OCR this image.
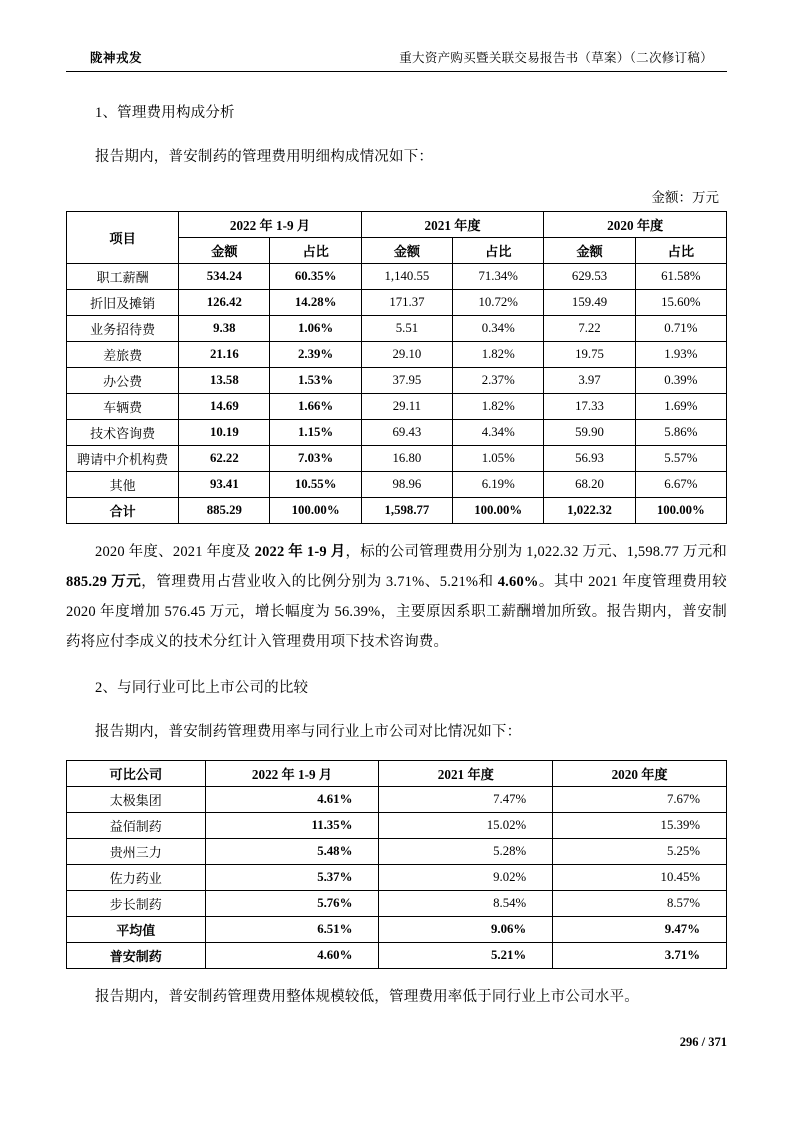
陇神戎发	重大资产购买暨关联交易报告书（草案）（二次修订稿）
1、管理费用构成分析
报告期内，普安制药的管理费用明细构成情况如下：
金额：万元
项目	2022 年 1-9 月		2021 年度		2020 年度	
	金额	占比	金额	占比	金额	占比
职工薪酬	534.24	60.35%	1,140.55	71.34%	629.53	61.58%
折旧及摊销	126.42	14.28%	171.37	10.72%	159.49	15.60%
业务招待费	9.38	1.06%	5.51	0.34%	7.22	0.71%
差旅费	21.16	2.39%	29.10	1.82%	19.75	1.93%
办公费	13.58	1.53%	37.95	2.37%	3.97	0.39%
车辆费	14.69	1.66%	29.11	1.82%	17.33	1.69%
技术咨询费	10.19	1.15%	69.43	4.34%	59.90	5.86%
聘请中介机构费	62.22	7.03%	16.80	1.05%	56.93	5.57%
其他	93.41	10.55%	98.96	6.19%	68.20	6.67%
合计	885.29	100.00%	1,598.77	100.00%	1,022.32	100.00%

2020 年度、2021 年度及 2022 年 1-9 月，标的公司管理费用分别为 1,022.32 万元、1,598.77 万元和 885.29 万元，管理费用占营业收入的比例分别为 3.71%、5.21%和 4.60%。其中 2021 年度管理费用较 2020 年度增加 576.45 万元，增长幅度为 56.39%，主要原因系职工薪酬增加所致。报告期内，普安制药将应付李成义的技术分红计入管理费用项下技术咨询费。

2、与同行业可比上市公司的比较
报告期内，普安制药管理费用率与同行业上市公司对比情况如下：
可比公司	2022 年 1-9 月	2021 年度	2020 年度
太极集团	4.61%	7.47%	7.67%
益佰制药	11.35%	15.02%	15.39%
贵州三力	5.48%	5.28%	5.25%
佐力药业	5.37%	9.02%	10.45%
步长制药	5.76%	8.54%	8.57%
平均值	6.51%	9.06%	9.47%
普安制药	4.60%	5.21%	3.71%
报告期内，普安制药管理费用整体规模较低，管理费用率低于同行业上市公司水平。
296 / 371
